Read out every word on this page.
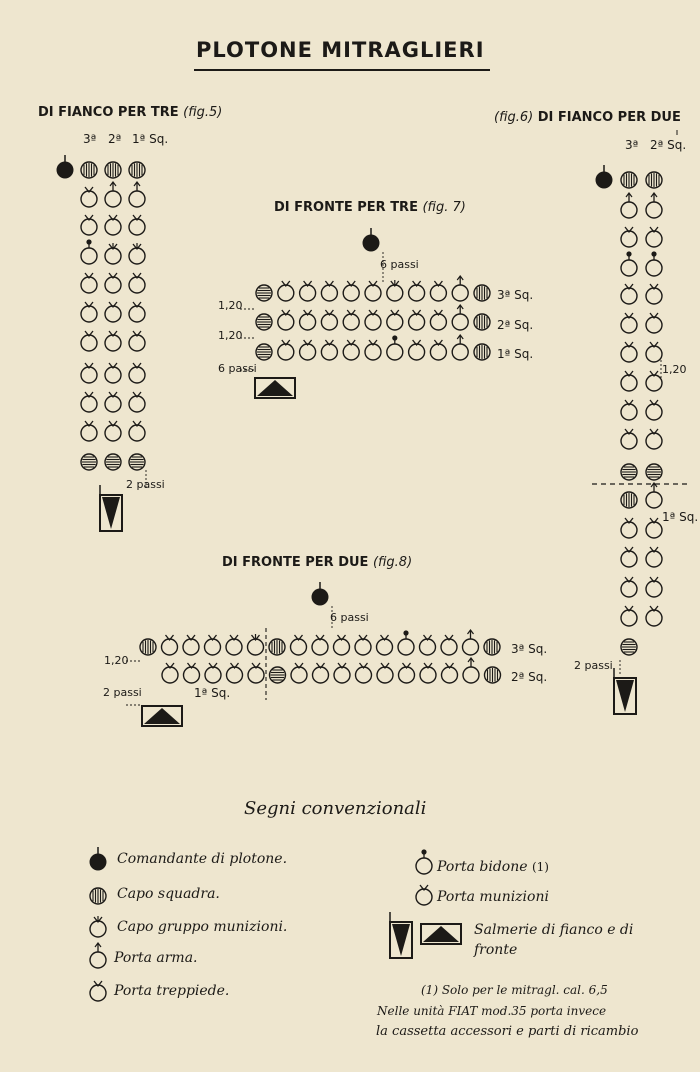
PLOTONE MITRAGLIERI
DI FIANCO PER TRE (fig.5)
3ª 2ª 1ª Sq.
2 passi
(fig.6) DI FIANCO PER DUE
3ª 2ª Sq.
1,20
1ª Sq.
2 passi
DI FRONTE PER TRE (fig. 7)
6 passi
3ª Sq.
2ª Sq.
1ª Sq.
1,20
1,20
6 passi
DI FRONTE PER DUE (fig.8)
6 passi
3ª Sq.
2ª Sq.
1,20
2 passi	1ª Sq.
Segni convenzionali
Comandante di plotone.
Capo squadra.
Capo gruppo munizioni.
Porta arma.
Porta treppiede.
Porta bidone (1)
Porta munizioni
Salmerie di fianco e di
fronte
(1) Solo per le mitragl. cal. 6,5
Nelle unità FIAT mod.35 porta invece
la cassetta accessori e parti di ricambio
